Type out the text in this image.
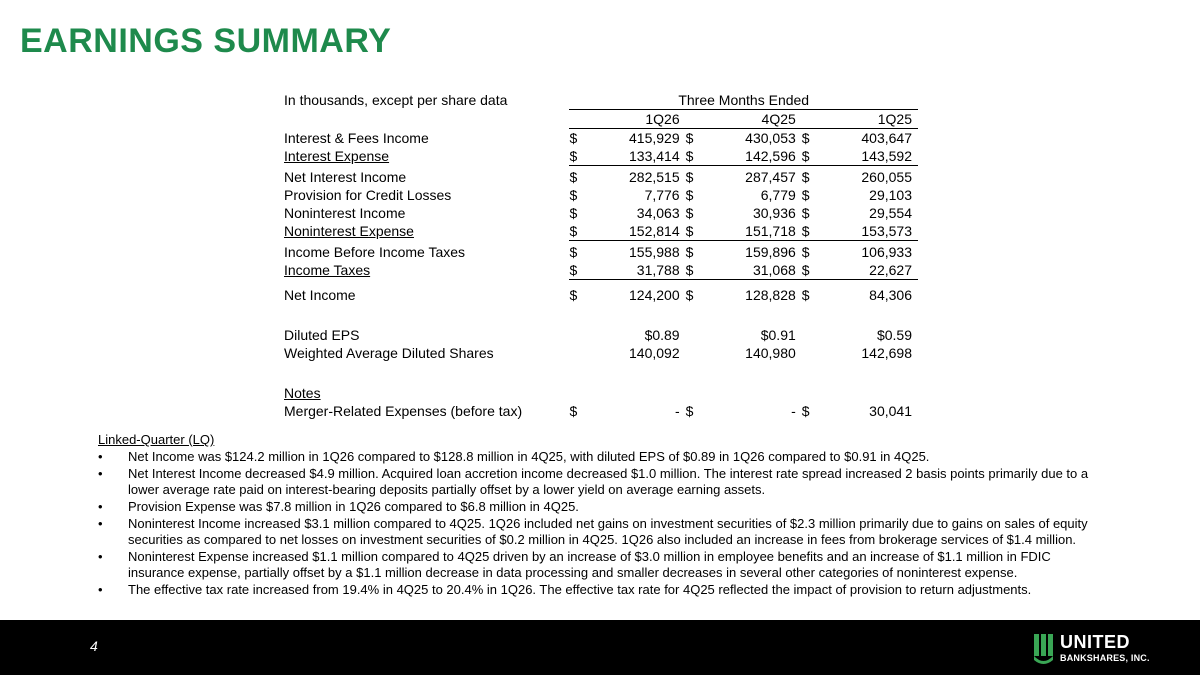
EARNINGS SUMMARY
In thousands, except per share data	Three Months Ended					
		1Q26		4Q25		1Q25
Interest & Fees Income	$	415,929	$	430,053	$	403,647
Interest Expense	$	133,414	$	142,596	$	143,592
Net Interest Income	$	282,515	$	287,457	$	260,055
Provision for Credit Losses	$	7,776	$	6,779	$	29,103
Noninterest Income	$	34,063	$	30,936	$	29,554
Noninterest Expense	$	152,814	$	151,718	$	153,573
Income Before Income Taxes	$	155,988	$	159,896	$	106,933
Income Taxes	$	31,788	$	31,068	$	22,627
Net Income	$	124,200	$	128,828	$	84,306

Diluted EPS		$0.89		$0.91		$0.59
Weighted Average Diluted Shares		140,092		140,980		142,698

Notes						
Merger-Related Expenses (before tax)	$	-	$	-	$	30,041
Linked-Quarter (LQ)
• Net Income was $124.2 million in 1Q26 compared to $128.8 million in 4Q25, with diluted EPS of $0.89 in 1Q26 compared to $0.91 in 4Q25.
• Net Interest Income decreased $4.9 million. Acquired loan accretion income decreased $1.0 million. The interest rate spread increased 2 basis points primarily due to a lower average rate paid on interest-bearing deposits partially offset by a lower yield on average earning assets.
• Provision Expense was $7.8 million in 1Q26 compared to $6.8 million in 4Q25.
• Noninterest Income increased $3.1 million compared to 4Q25. 1Q26 included net gains on investment securities of $2.3 million primarily due to gains on sales of equity securities as compared to net losses on investment securities of $0.2 million in 4Q25. 1Q26 also included an increase in fees from brokerage services of $1.4 million.
• Noninterest Expense increased $1.1 million compared to 4Q25 driven by an increase of $3.0 million in employee benefits and an increase of $1.1 million in FDIC insurance expense, partially offset by a $1.1 million decrease in data processing and smaller decreases in several other categories of noninterest expense.
• The effective tax rate increased from 19.4% in 4Q25 to 20.4% in 1Q26. The effective tax rate for 4Q25 reflected the impact of provision to return adjustments.
4	UNITED
BANKSHARES, INC.
